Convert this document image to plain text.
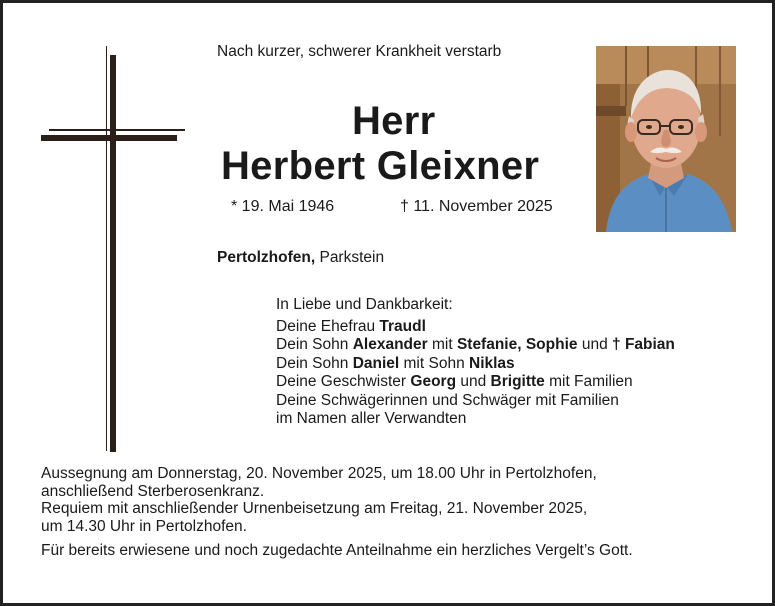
Nach kurzer, schwerer Krankheit verstarb
Herr
Herbert Gleixner
* 19. Mai 1946	† 11. November 2025
Pertolzhofen, Parkstein
In Liebe und Dankbarkeit:
Deine Ehefrau Traudl
Dein Sohn Alexander mit Stefanie, Sophie und † Fabian
Dein Sohn Daniel mit Sohn Niklas
Deine Geschwister Georg und Brigitte mit Familien
Deine Schwägerinnen und Schwäger mit Familien
im Namen aller Verwandten
Aussegnung am Donnerstag, 20. November 2025, um 18.00 Uhr in Pertolzhofen,
anschließend Sterberosenkranz.
Requiem mit anschließender Urnenbeisetzung am Freitag, 21. November 2025,
um 14.30 Uhr in Pertolzhofen.
Für bereits erwiesene und noch zugedachte Anteilnahme ein herzliches Vergelt’s Gott.
